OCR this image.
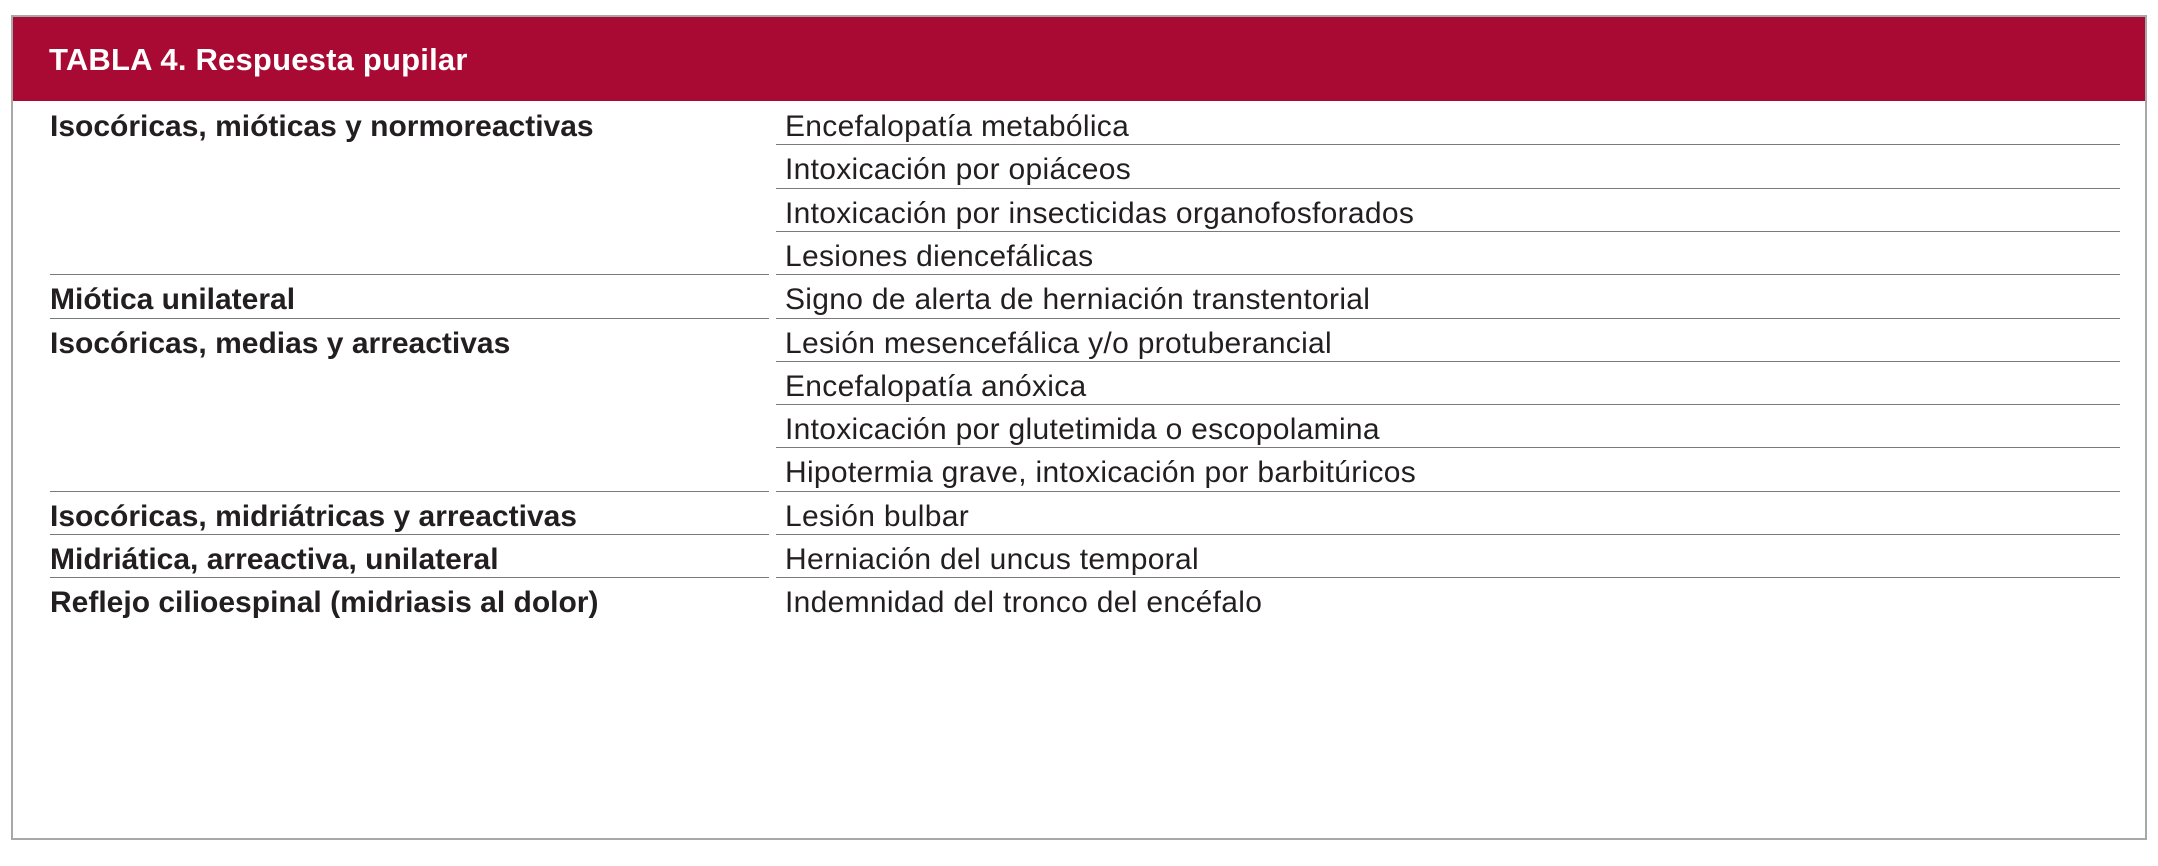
TABLA 4. Respuesta pupilar
Isocóricas, mióticas y normoreactivas	Encefalopatía metabólica
Intoxicación por opiáceos
Intoxicación por insecticidas organofosforados
Lesiones diencefálicas
Miótica unilateral	Signo de alerta de herniación transtentorial
Isocóricas, medias y arreactivas	Lesión mesencefálica y/o protuberancial
Encefalopatía anóxica
Intoxicación por glutetimida o escopolamina
Hipotermia grave, intoxicación por barbitúricos
Isocóricas, midriátricas y arreactivas	Lesión bulbar
Midriática, arreactiva, unilateral	Herniación del uncus temporal
Reflejo cilioespinal (midriasis al dolor)	Indemnidad del tronco del encéfalo
